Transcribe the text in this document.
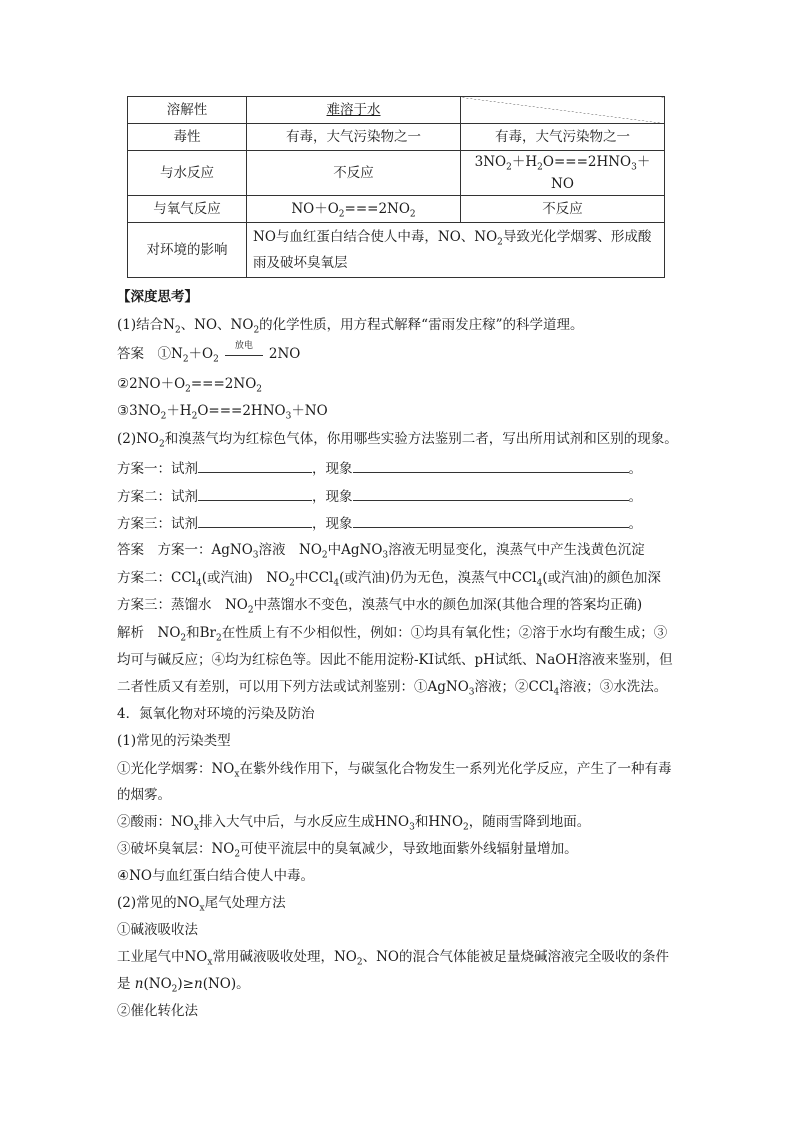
溶解性	难溶于水	
毒性	有毒，大气污染物之一	有毒，大气污染物之一
与水反应	不反应	$3NO_2+H_2O===2HNO_3+NO$
与氧气反应	$NO+O_2===2NO_2$	不反应
对环境的影响	NO与血红蛋白结合使人中毒，NO、$NO_2$导致光化学烟雾、形成酸雨及破坏臭氧层	
【深度思考】
(1)结合$N_2$、NO、$NO_2$的化学性质，用方程式解释“雷雨发庄稼”的科学道理。
答案　 $①N_2+O_2$
放电
2NO
$②2NO+O_2===2NO_2$
$③3NO_2+H_2O===2HNO_3+NO$
$(2)NO_2$和溴蒸气均为红棕色气体，你用哪些实验方法鉴别二者，写出所用试剂和区别的现象。
方案一：试剂	，现象	。
方案二：试剂	，现象	。
方案三：试剂	，现象	。
答案　 方案一：AgNO$_3$溶液　$NO_2$中AgNO$_3$溶液无明显变化，溴蒸气中产生浅黄色沉淀
方案二：CCl$_4$(或汽油)　$NO_2$中CCl$_4$(或汽油)仍为无色，溴蒸气中CCl$_4$(或汽油)的颜色加深
方案三：蒸馏水　$NO_2$中蒸馏水不变色，溴蒸气中水的颜色加深(其他合理的答案均正确)
解析　 $NO_2$和$Br_2$在性质上有不少相似性，例如：①均具有氧化性；②溶于水均有酸生成；③
均可与碱反应；④均为红棕色等。因此不能用淀粉-KI试纸、pH试纸、NaOH溶液来鉴别，但
二者性质又有差别，可以用下列方法或试剂鉴别：①AgNO$_3$溶液；②CCl$_4$溶液；③水洗法。
4．氮氧化物对环境的污染及防治
(1)常见的污染类型
①光化学烟雾：$NO_x$在紫外线作用下，与碳氢化合物发生一系列光化学反应，产生了一种有毒
的烟雾。
②酸雨：$NO_x$排入大气中后，与水反应生成$HNO_3$和$HNO_2$，随雨雪降到地面。
③破坏臭氧层：$NO_2$可使平流层中的臭氧减少，导致地面紫外线辐射量增加。
④NO与血红蛋白结合使人中毒。
(2)常见的$NO_x$尾气处理方法
①碱液吸收法
工业尾气中$NO_x$常用碱液吸收处理，$NO_2$、NO的混合气体能被足量烧碱溶液完全吸收的条件
是 $n(NO_2)\ge n(NO)$。
②催化转化法
